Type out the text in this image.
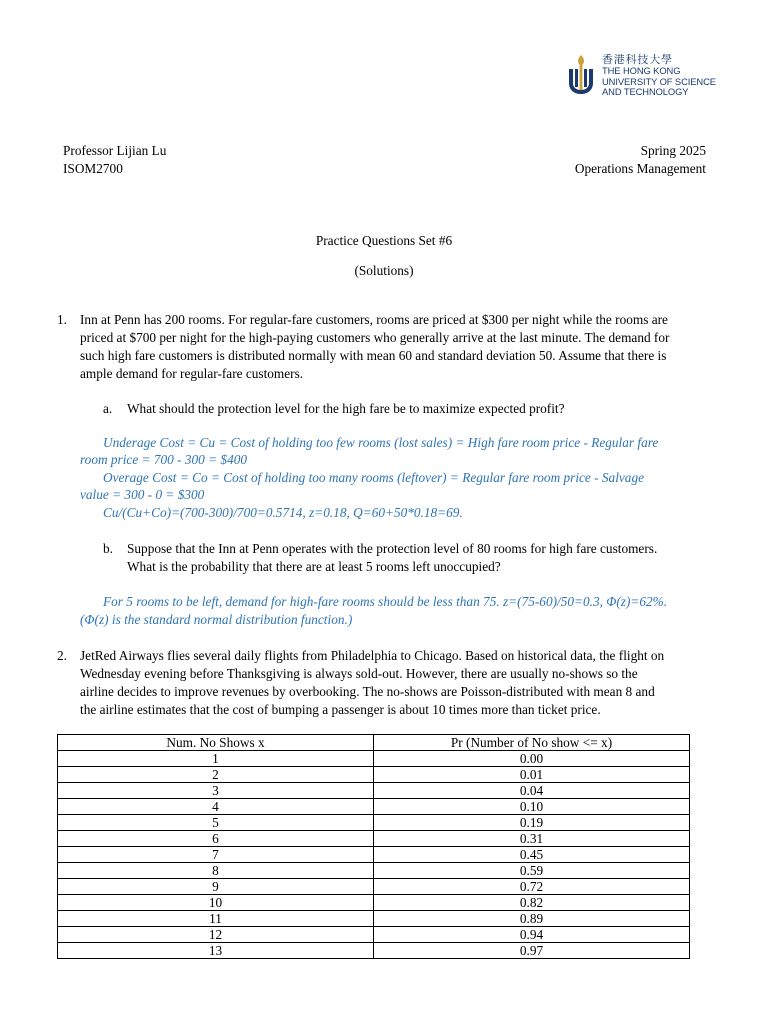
香港科技大學
THE HONG KONG
UNIVERSITY OF SCIENCE
AND TECHNOLOGY
Professor Lijian Lu
ISOM2700
Spring 2025
Operations Management
Practice Questions Set #6
(Solutions)
1. Inn at Penn has 200 rooms. For regular-fare customers, rooms are priced at $300 per night while the rooms are
priced at $700 per night for the high-paying customers who generally arrive at the last minute. The demand for
such high fare customers is distributed normally with mean 60 and standard deviation 50. Assume that there is
ample demand for regular-fare customers.
a. What should the protection level for the high fare be to maximize expected profit?
Underage Cost = Cu = Cost of holding too few rooms (lost sales) = High fare room price - Regular fare
room price = 700 - 300 = $400
Overage Cost = Co = Cost of holding too many rooms (leftover) = Regular fare room price - Salvage
value = 300 - 0 = $300
Cu/(Cu+Co)=(700-300)/700=0.5714, z=0.18, Q=60+50*0.18=69.
b. Suppose that the Inn at Penn operates with the protection level of 80 rooms for high fare customers.
What is the probability that there are at least 5 rooms left unoccupied?
For 5 rooms to be left, demand for high-fare rooms should be less than 75. z=(75-60)/50=0.3, Φ(z)=62%.
(Φ(z) is the standard normal distribution function.)
2. JetRed Airways flies several daily flights from Philadelphia to Chicago. Based on historical data, the flight on
Wednesday evening before Thanksgiving is always sold-out. However, there are usually no-shows so the
airline decides to improve revenues by overbooking. The no-shows are Poisson-distributed with mean 8 and
the airline estimates that the cost of bumping a passenger is about 10 times more than ticket price.
Num. No Shows x	Pr (Number of No show <= x)
1	0.00
2	0.01
3	0.04
4	0.10
5	0.19
6	0.31
7	0.45
8	0.59
9	0.72
10	0.82
11	0.89
12	0.94
13	0.97
